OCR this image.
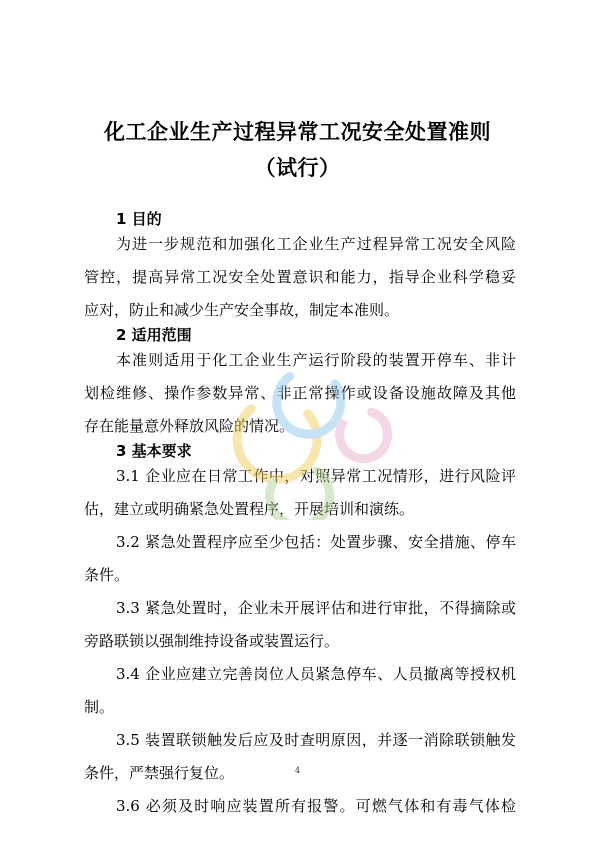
化工企业生产过程异常工况安全处置准则
（试行）
1 目的
为进一步规范和加强化工企业生产过程异常工况安全风险
管控，提高异常工况安全处置意识和能力，指导企业科学稳妥
应对，防止和减少生产安全事故，制定本准则。
2 适用范围
本准则适用于化工企业生产运行阶段的装置开停车、非计
划检维修、操作参数异常、非正常操作或设备设施故障及其他
存在能量意外释放风险的情况。
3 基本要求
3.1 企业应在日常工作中，对照异常工况情形，进行风险评
估，建立或明确紧急处置程序，开展培训和演练。
3.2 紧急处置程序应至少包括：处置步骤、安全措施、停车
条件。
3.3 紧急处置时，企业未开展评估和进行审批，不得摘除或
旁路联锁以强制维持设备或装置运行。
3.4 企业应建立完善岗位人员紧急停车、人员撤离等授权机
制。
3.5 装置联锁触发后应及时查明原因，并逐一消除联锁触发
条件，严禁强行复位。
3.6 必须及时响应装置所有报警。可燃气体和有毒气体检
4
